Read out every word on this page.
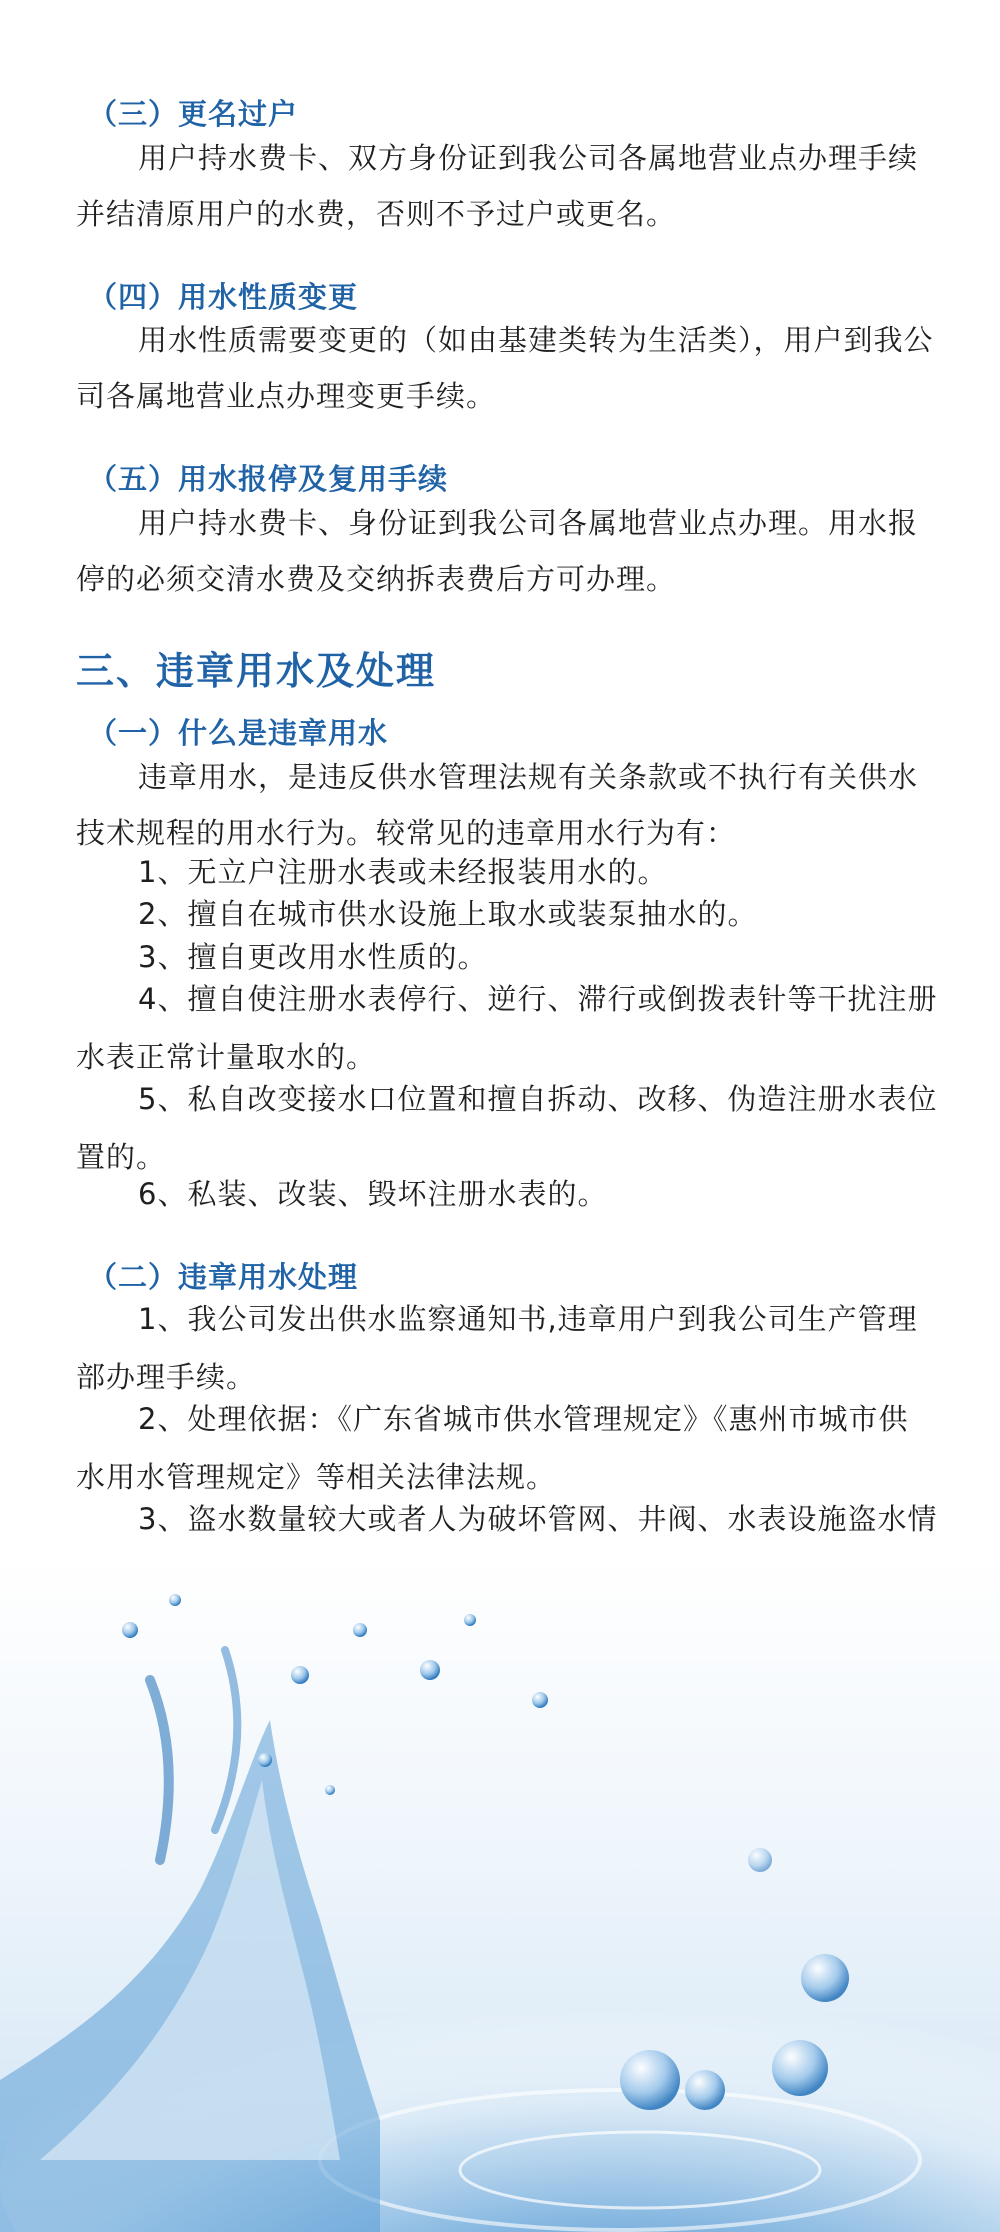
（三）更名过户
用户持水费卡、双方身份证到我公司各属地营业点办理手续并结清原用户的水费，否则不予过户或更名。
（四）用水性质变更
用水性质需要变更的（如由基建类转为生活类），用户到我公司各属地营业点办理变更手续。
（五）用水报停及复用手续
用户持水费卡、身份证到我公司各属地营业点办理。用水报停的必须交清水费及交纳拆表费后方可办理。
三、违章用水及处理
（一）什么是违章用水
违章用水，是违反供水管理法规有关条款或不执行有关供水技术规程的用水行为。较常见的违章用水行为有：
1、无立户注册水表或未经报装用水的。
2、擅自在城市供水设施上取水或装泵抽水的。
3、擅自更改用水性质的。
4、擅自使注册水表停行、逆行、滞行或倒拨表针等干扰注册水表正常计量取水的。
5、私自改变接水口位置和擅自拆动、改移、伪造注册水表位置的。
6、私装、改装、毁坏注册水表的。
（二）违章用水处理
1、我公司发出供水监察通知书,违章用户到我公司生产管理部办理手续。
2、处理依据：《广东省城市供水管理规定》《惠州市城市供水用水管理规定》等相关法律法规。
3、盗水数量较大或者人为破坏管网、井阀、水表设施盗水情
